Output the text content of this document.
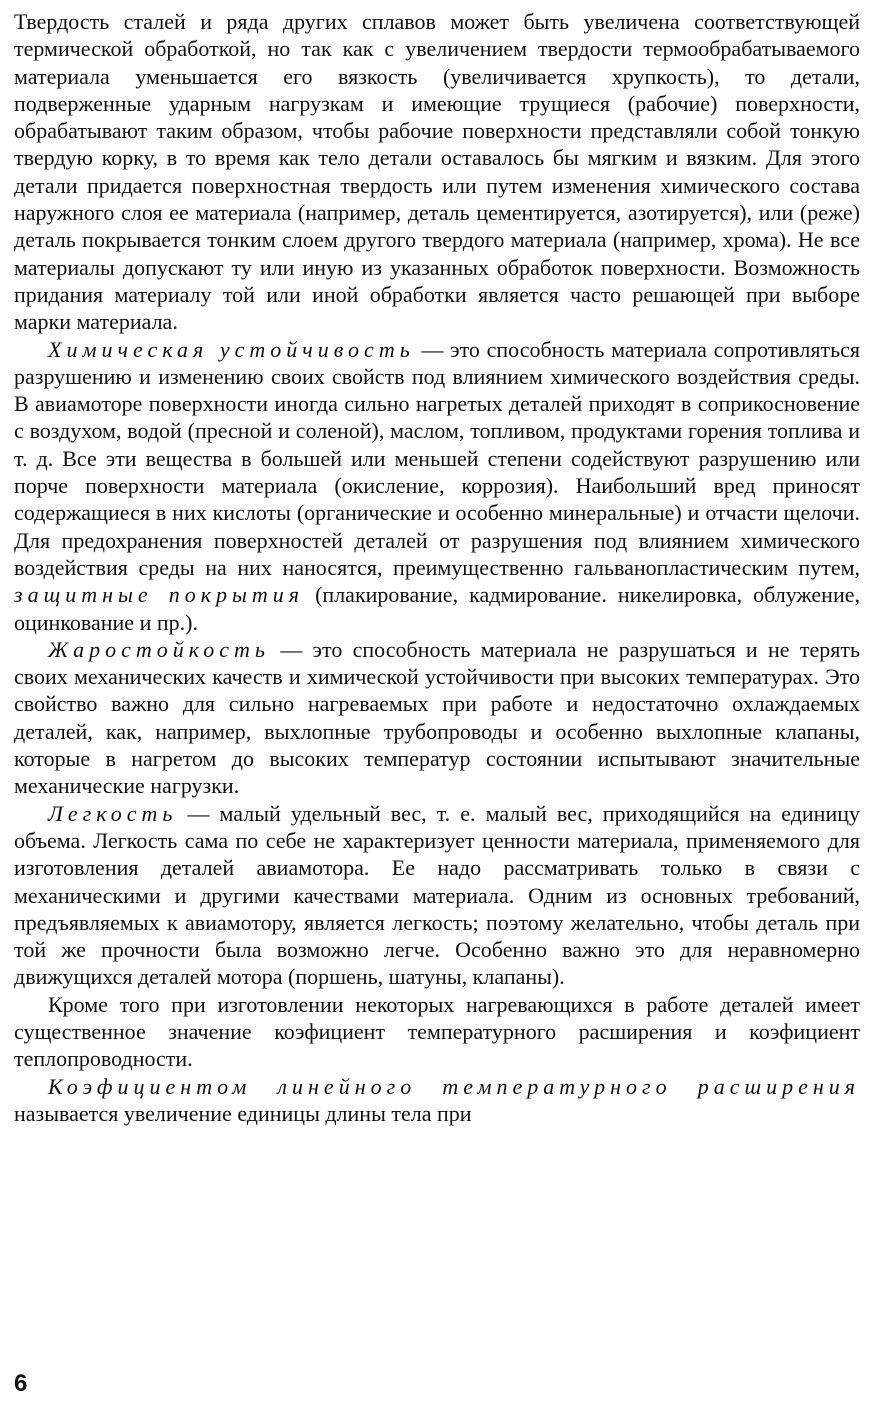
Твердость сталей и ряда других сплавов может быть увеличена соответствующей термической обработкой, но так как с увеличением твердости термообрабатываемого материала уменьшается его вязкость (увеличивается хрупкость), то детали, подверженные ударным нагрузкам и имеющие трущиеся (рабочие) поверхности, обрабатывают таким образом, чтобы рабочие поверхности представляли собой тонкую твердую корку, в то время как тело детали оставалось бы мягким и вязким. Для этого детали придается поверхностная твердость или путем изменения химического состава наружного слоя ее материала (например, деталь цементируется, азотируется), или (реже) деталь покрывается тонким слоем другого твердого материала (например, хрома). Не все материалы допускают ту или иную из указанных обработок поверхности. Возможность придания материалу той или иной обработки является часто решающей при выборе марки материала.

Химическая устойчивость — это способность материала сопротивляться разрушению и изменению своих свойств под влиянием химического воздействия среды. В авиамоторе поверхности иногда сильно нагретых деталей приходят в соприкосновение с воздухом, водой (пресной и соленой), маслом, топливом, продуктами горения топлива и т. д. Все эти вещества в большей или меньшей степени содействуют разрушению или порче поверхности материала (окисление, коррозия). Наибольший вред приносят содержащиеся в них кислоты (органические и особенно минеральные) и отчасти щелочи. Для предохранения поверхностей деталей от разрушения под влиянием химического воздействия среды на них наносятся, преимущественно гальванопластическим путем, защитные покрытия (плакирование, кадмирование. никелировка, облужение, оцинкование и пр.).

Жаростойкость — это способность материала не разрушаться и не терять своих механических качеств и химической устойчивости при высоких температурах. Это свойство важно для сильно нагреваемых при работе и недостаточно охлаждаемых деталей, как, например, выхлопные трубопроводы и особенно выхлопные клапаны, которые в нагретом до высоких температур состоянии испытывают значительные механические нагрузки.

Легкость — малый удельный вес, т. е. малый вес, приходящийся на единицу объема. Легкость сама по себе не характеризует ценности материала, применяемого для изготовления деталей авиамотора. Ее надо рассматривать только в связи с механическими и другими качествами материала. Одним из основных требований, предъявляемых к авиамотору, является легкость; поэтому желательно, чтобы деталь при той же прочности была возможно легче. Особенно важно это для неравномерно движущихся деталей мотора (поршень, шатуны, клапаны).

Кроме того при изготовлении некоторых нагревающихся в работе деталей имеет существенное значение коэфициент температурного расширения и коэфициент теплопроводности.

Коэфициентом линейного температурного расширения называется увеличение единицы длины тела при

6
